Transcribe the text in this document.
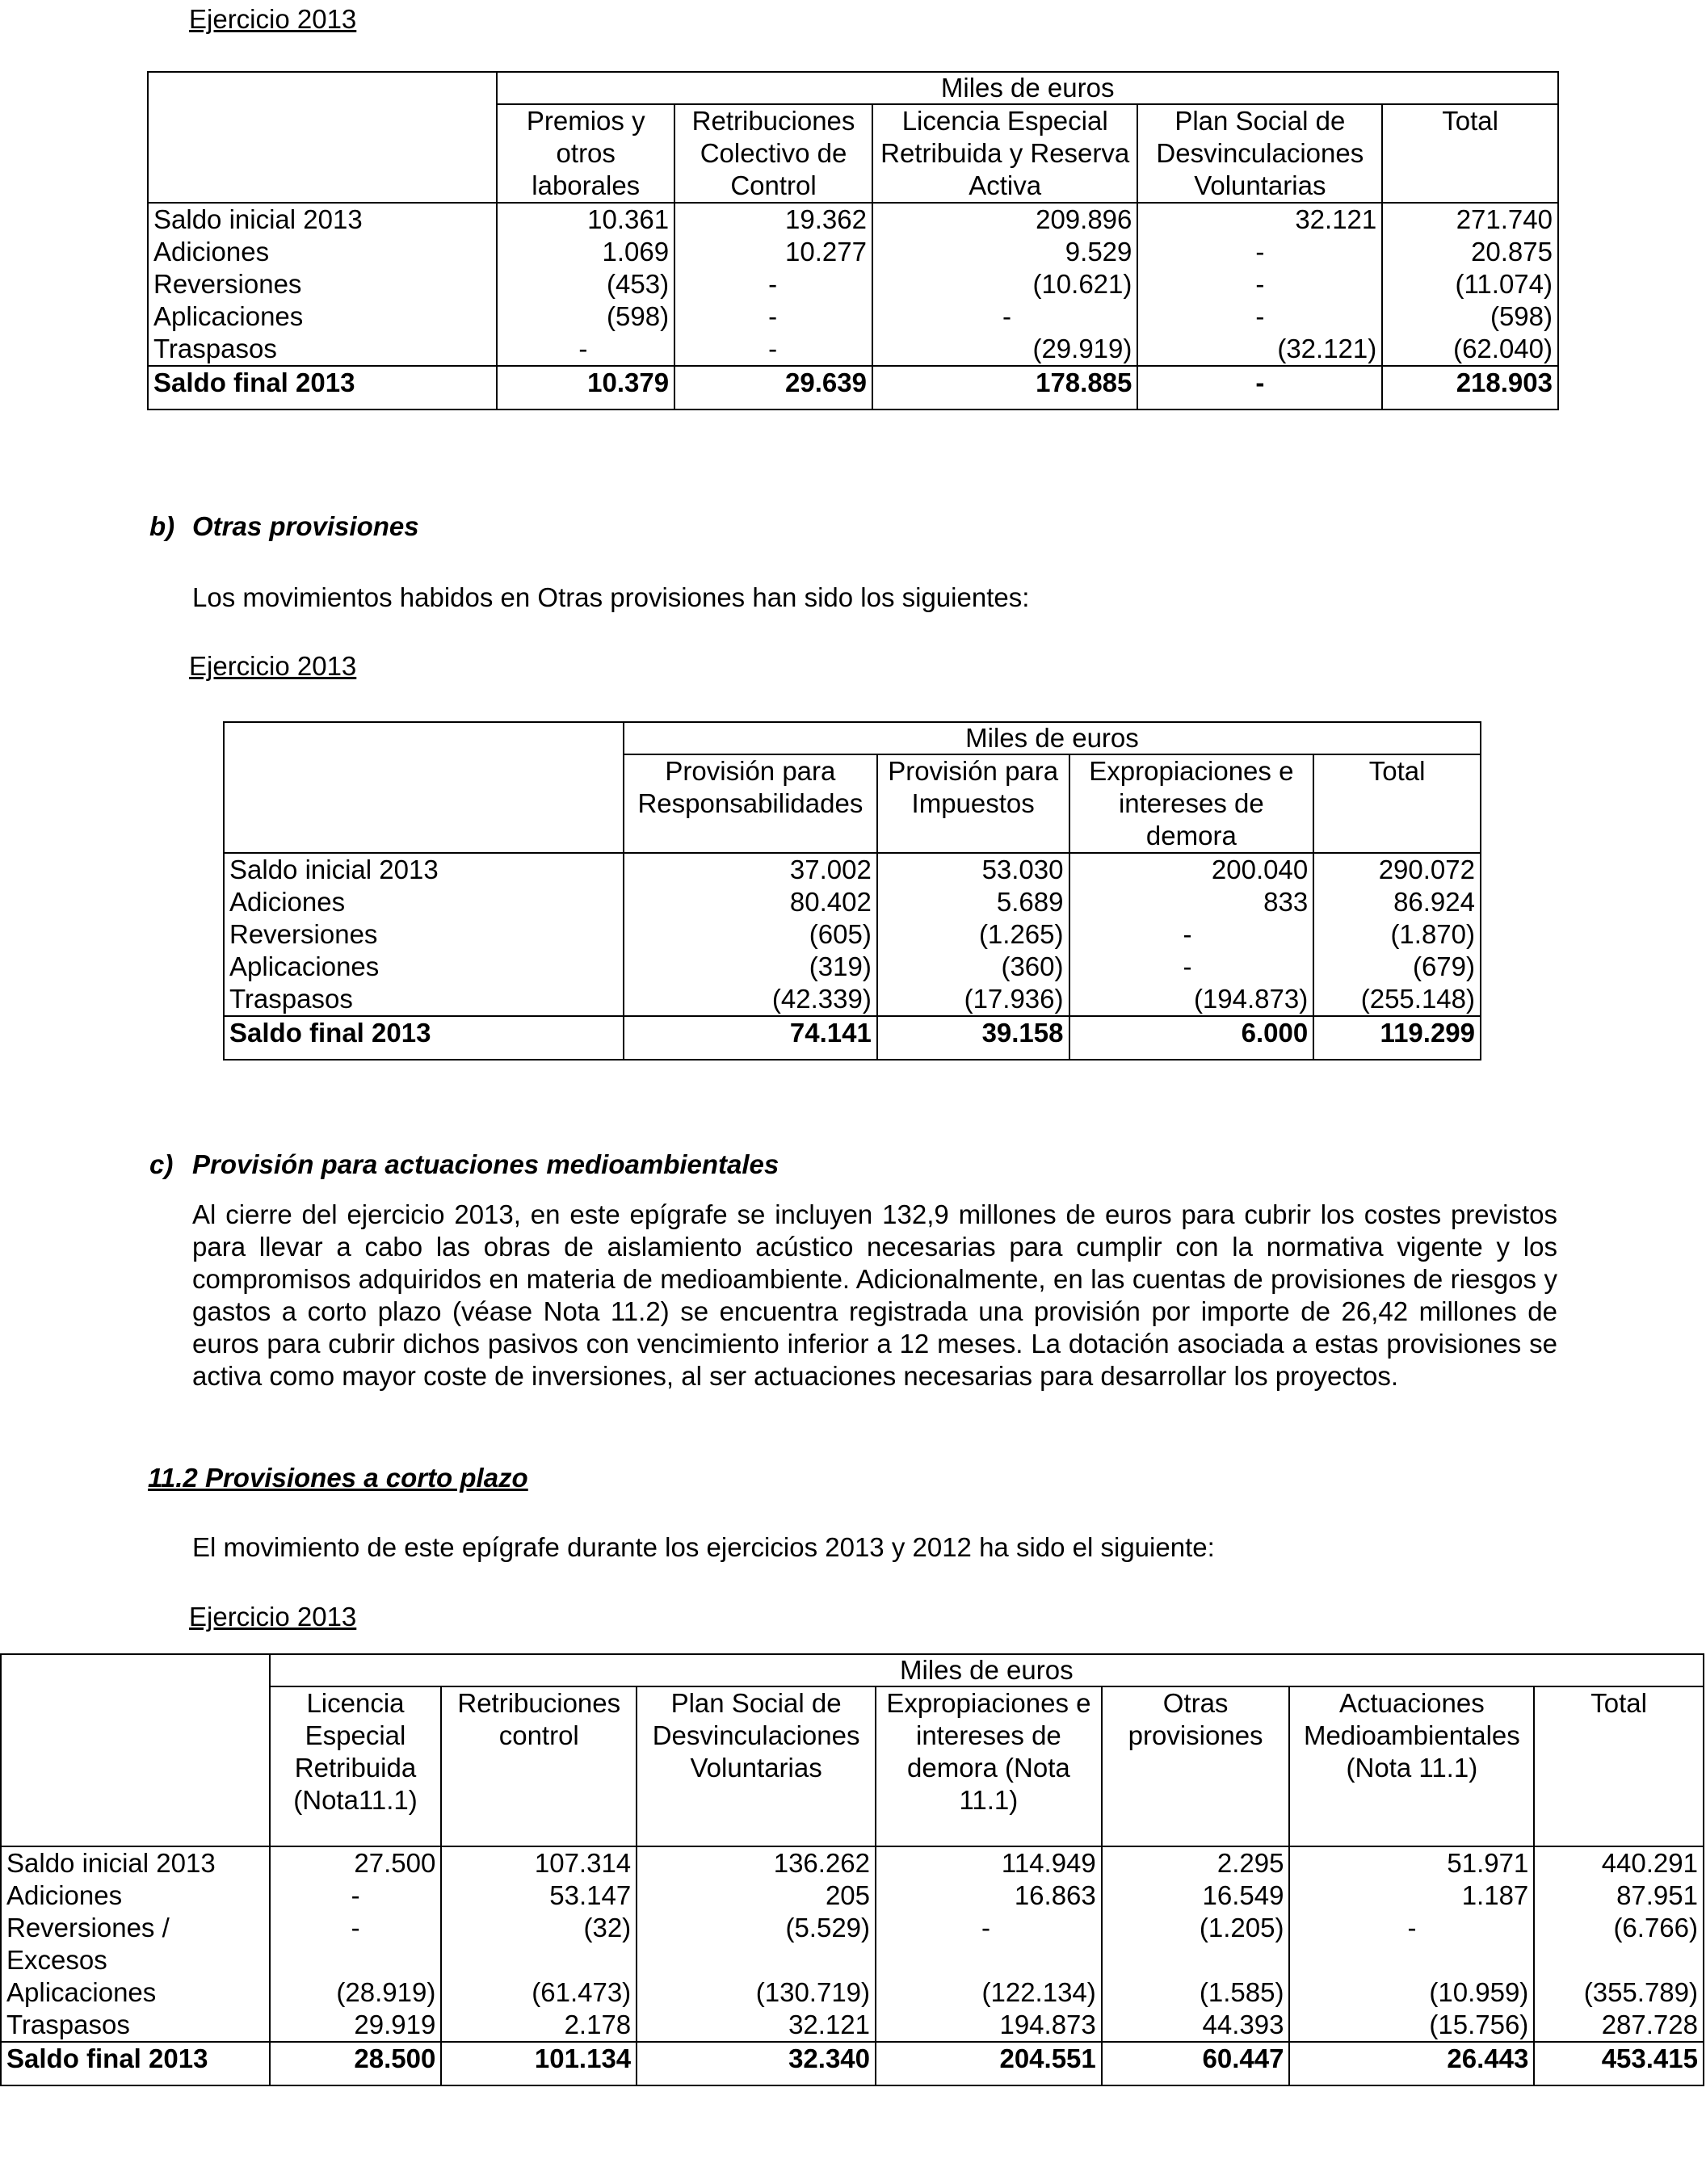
Ejercicio 2013
	Miles de euros				
	Premios y otros laborales	Retribuciones Colectivo de Control	Licencia Especial Retribuida y Reserva Activa	Plan Social de Desvinculaciones Voluntarias	Total
Saldo inicial 2013	10.361	19.362	209.896	32.121	271.740
Adiciones	1.069	10.277	9.529	-	20.875
Reversiones	(453)	-	(10.621)	-	(11.074)
Aplicaciones	(598)	-	-	-	(598)
Traspasos	-	-	(29.919)	(32.121)	(62.040)
Saldo final 2013	10.379	29.639	178.885	-	218.903
b) Otras provisiones
Los movimientos habidos en Otras provisiones han sido los siguientes:
Ejercicio 2013
	Miles de euros			
	Provisión para Responsabilidades	Provisión para Impuestos	Expropiaciones e intereses de demora	Total
Saldo inicial 2013	37.002	53.030	200.040	290.072
Adiciones	80.402	5.689	833	86.924
Reversiones	(605)	(1.265)	-	(1.870)
Aplicaciones	(319)	(360)	-	(679)
Traspasos	(42.339)	(17.936)	(194.873)	(255.148)
Saldo final 2013	74.141	39.158	6.000	119.299
c) Provisión para actuaciones medioambientales
Al cierre del ejercicio 2013, en este epígrafe se incluyen 132,9 millones de euros para cubrir los costes previstos para llevar a cabo las obras de aislamiento acústico necesarias para cumplir con la normativa vigente y los compromisos adquiridos en materia de medioambiente. Adicionalmente, en las cuentas de provisiones de riesgos y gastos a corto plazo (véase Nota 11.2) se encuentra registrada una provisión por importe de 26,42 millones de euros para cubrir dichos pasivos con vencimiento inferior a 12 meses. La dotación asociada a estas provisiones se activa como mayor coste de inversiones, al ser actuaciones necesarias para desarrollar los proyectos.
11.2 Provisiones a corto plazo
El movimiento de este epígrafe durante los ejercicios 2013 y 2012 ha sido el siguiente:
Ejercicio 2013
	Miles de euros						
	Licencia Especial Retribuida (Nota11.1)	Retribuciones control	Plan Social de Desvinculaciones Voluntarias	Expropiaciones e intereses de demora (Nota 11.1)	Otras provisiones	Actuaciones Medioambientales (Nota 11.1)	Total
Saldo inicial 2013	27.500	107.314	136.262	114.949	2.295	51.971	440.291
Adiciones	-	53.147	205	16.863	16.549	1.187	87.951
Reversiones / Excesos	-	(32)	(5.529)	-	(1.205)	-	(6.766)
Aplicaciones	(28.919)	(61.473)	(130.719)	(122.134)	(1.585)	(10.959)	(355.789)
Traspasos	29.919	2.178	32.121	194.873	44.393	(15.756)	287.728
Saldo final 2013	28.500	101.134	32.340	204.551	60.447	26.443	453.415
